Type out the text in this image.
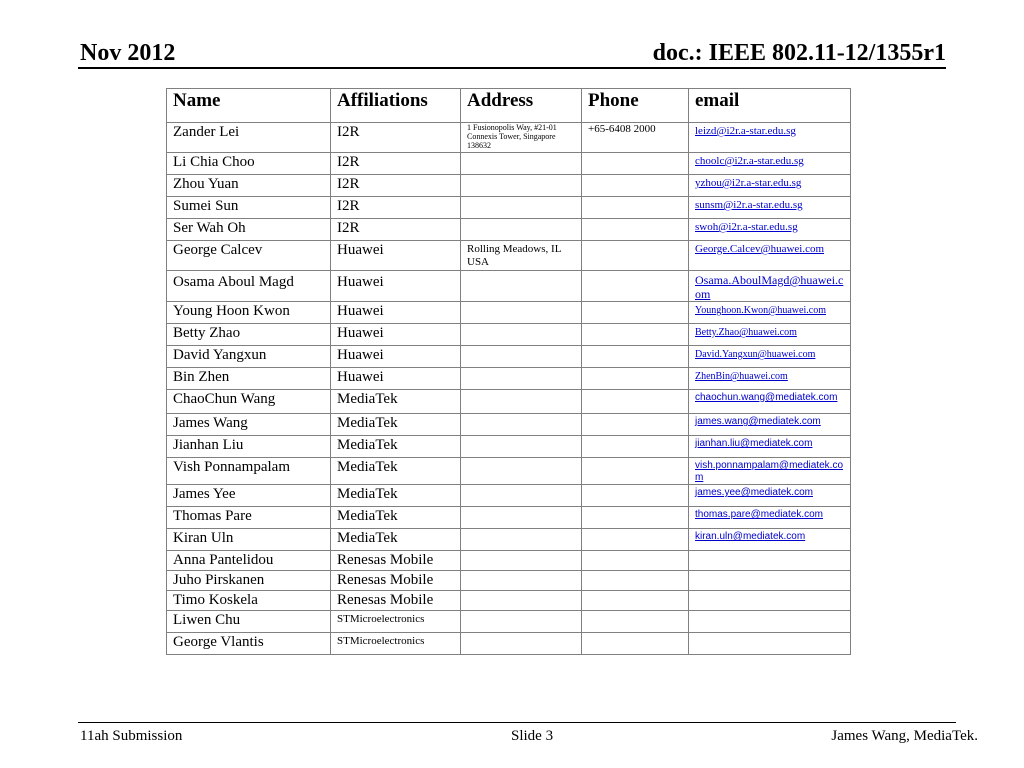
Nov 2012	doc.: IEEE 802.11-12/1355r1
Name	Affiliations	Address	Phone	email
Zander Lei	I2R	1 Fusionopolis Way, #21-01 Connexis Tower, Singapore 138632	+65-6408 2000	leizd@i2r.a-star.edu.sg

Li Chia Choo	I2R			choolc@i2r.a-star.edu.sg

Zhou Yuan	I2R			yzhou@i2r.a-star.edu.sg

Sumei Sun	I2R			sunsm@i2r.a-star.edu.sg

Ser Wah Oh	I2R			swoh@i2r.a-star.edu.sg

George Calcev	Huawei	Rolling Meadows, IL USA		George.Calcev@huawei.com

Osama Aboul Magd	Huawei			Osama.AboulMagd@huawei.com

Young Hoon Kwon	Huawei			Younghoon.Kwon@huawei.com

Betty Zhao	Huawei			Betty.Zhao@huawei.com

David Yangxun	Huawei			David.Yangxun@huawei.com

Bin Zhen	Huawei			ZhenBin@huawei.com

ChaoChun Wang	MediaTek			chaochun.wang@mediatek.com

James Wang	MediaTek			james.wang@mediatek.com

Jianhan Liu	MediaTek			jianhan.liu@mediatek.com

Vish Ponnampalam	MediaTek			vish.ponnampalam@mediatek.com

James Yee	MediaTek			james.yee@mediatek.com

Thomas Pare	MediaTek			thomas.pare@mediatek.com

Kiran Uln	MediaTek			kiran.uln@mediatek.com

Anna Pantelidou	Renesas Mobile			
Juho Pirskanen	Renesas Mobile			
Timo Koskela	Renesas Mobile			
Liwen Chu	STMicroelectronics			
George Vlantis	STMicroelectronics			
11ah Submission	Slide 3	James Wang, MediaTek.
